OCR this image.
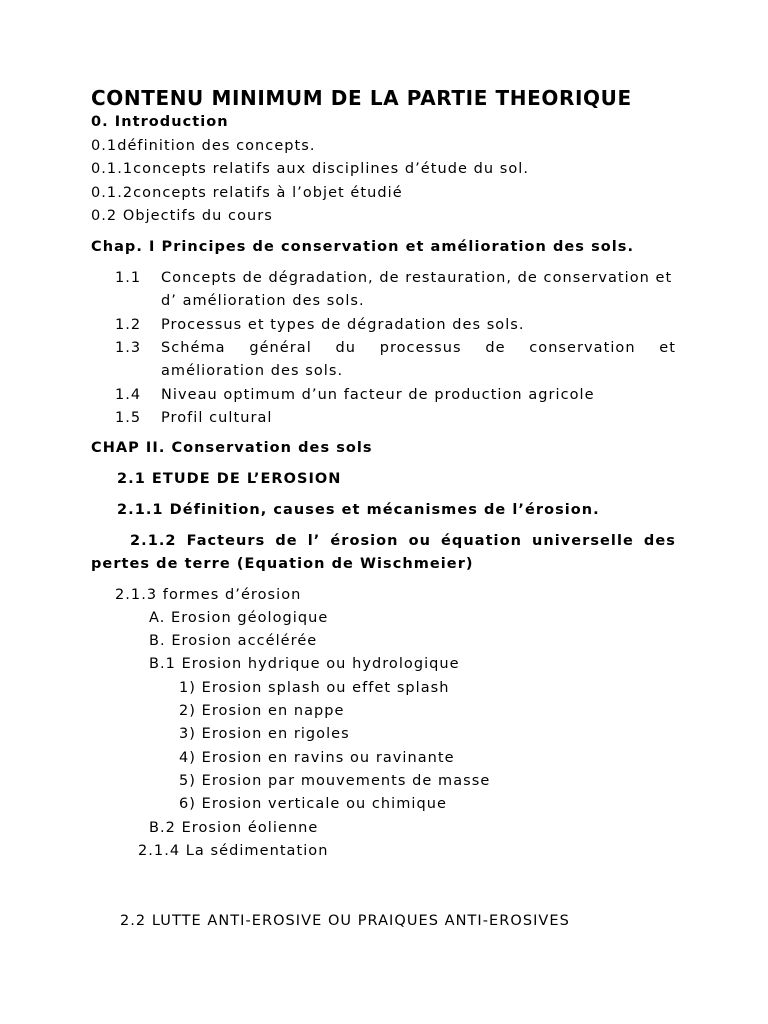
CONTENU MINIMUM DE LA PARTIE THEORIQUE
0. Introduction
0.1définition des concepts.
0.1.1concepts relatifs aux disciplines d’étude du sol.
0.1.2concepts relatifs à l’objet étudié
0.2 Objectifs du cours
Chap. I Principes de conservation et amélioration des sols.
1.1 Concepts de dégradation, de restauration, de conservation et
d’ amélioration des sols.
1.2 Processus et types de dégradation des sols.
1.3 Schéma général du processus de conservation et
amélioration des sols.
1.4 Niveau optimum d’un facteur de production agricole
1.5 Profil cultural
CHAP II. Conservation des sols
2.1 ETUDE DE L’EROSION
2.1.1 Définition, causes et mécanismes de l’érosion.
2.1.2 Facteurs de l’ érosion ou équation universelle des
pertes de terre (Equation de Wischmeier)
2.1.3 formes d’érosion
A. Erosion géologique
B. Erosion accélérée
B.1 Erosion hydrique ou hydrologique
1) Erosion splash ou effet splash
2) Erosion en nappe
3) Erosion en rigoles
4) Erosion en ravins ou ravinante
5) Erosion par mouvements de masse
6) Erosion verticale ou chimique
B.2 Erosion éolienne
2.1.4 La sédimentation
2.2 LUTTE ANTI-EROSIVE OU PRAIQUES ANTI-EROSIVES
